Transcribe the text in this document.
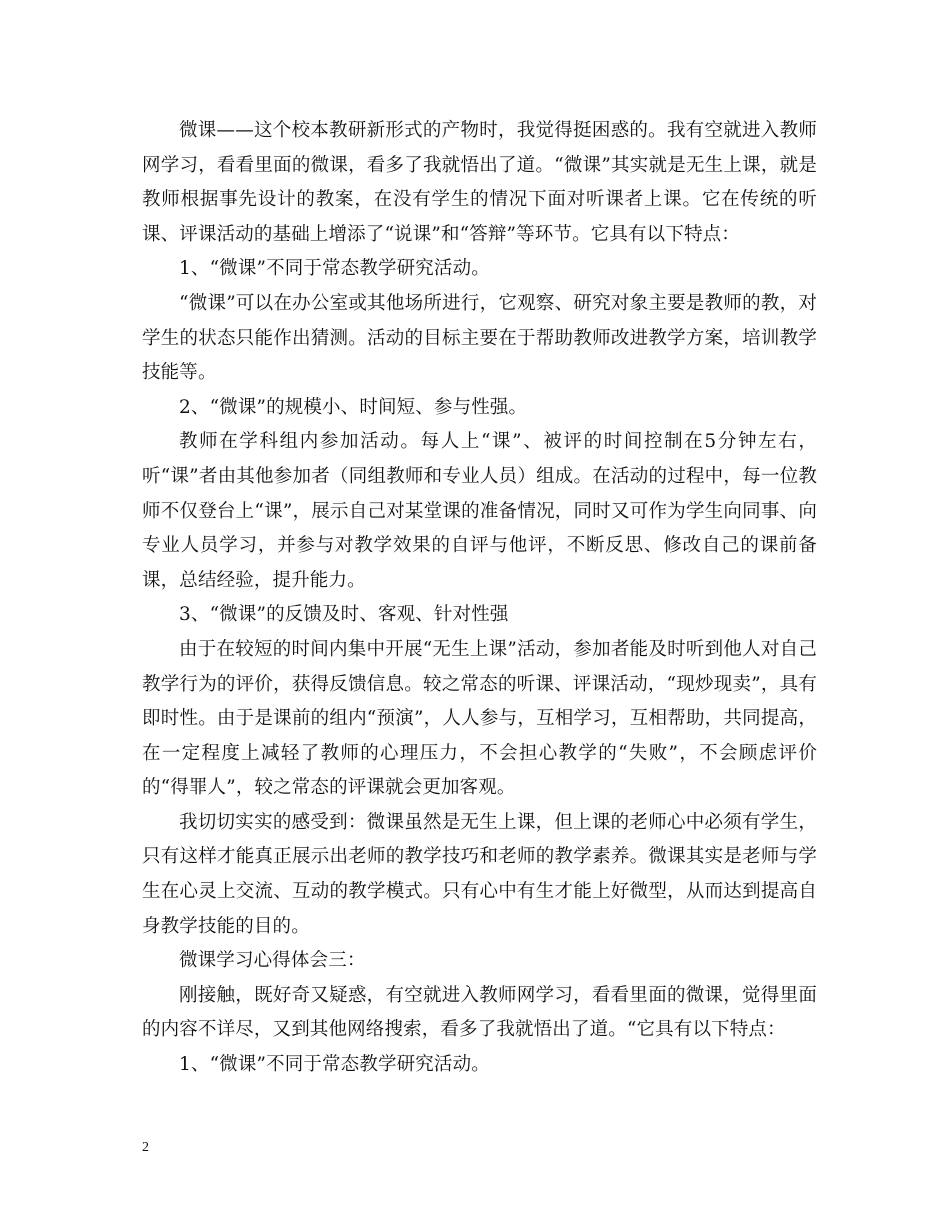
微课——这个校本教研新形式的产物时，我觉得挺困惑的。我有空就进入教师网学习，看看里面的微课，看多了我就悟出了道。“微课”其实就是无生上课，就是教师根据事先设计的教案，在没有学生的情况下面对听课者上课。它在传统的听课、评课活动的基础上增添了“说课”和“答辩”等环节。它具有以下特点：

1、“微课”不同于常态教学研究活动。

“微课”可以在办公室或其他场所进行，它观察、研究对象主要是教师的教，对学生的状态只能作出猜测。活动的目标主要在于帮助教师改进教学方案，培训教学技能等。

2、“微课”的规模小、时间短、参与性强。

教师在学科组内参加活动。每人上“课”、被评的时间控制在5分钟左右，听“课”者由其他参加者（同组教师和专业人员）组成。在活动的过程中，每一位教师不仅登台上“课”，展示自己对某堂课的准备情况，同时又可作为学生向同事、向专业人员学习，并参与对教学效果的自评与他评，不断反思、修改自己的课前备课，总结经验，提升能力。

3、“微课”的反馈及时、客观、针对性强

由于在较短的时间内集中开展“无生上课”活动，参加者能及时听到他人对自己教学行为的评价，获得反馈信息。较之常态的听课、评课活动，“现炒现卖”，具有即时性。由于是课前的组内“预演”，人人参与，互相学习，互相帮助，共同提高，在一定程度上减轻了教师的心理压力，不会担心教学的“失败”，不会顾虑评价的“得罪人”，较之常态的评课就会更加客观。

我切切实实的感受到：微课虽然是无生上课，但上课的老师心中必须有学生，只有这样才能真正展示出老师的教学技巧和老师的教学素养。微课其实是老师与学生在心灵上交流、互动的教学模式。只有心中有生才能上好微型，从而达到提高自身教学技能的目的。

微课学习心得体会三：

刚接触，既好奇又疑惑，有空就进入教师网学习，看看里面的微课，觉得里面的内容不详尽，又到其他网络搜索，看多了我就悟出了道。“它具有以下特点：

1、“微课”不同于常态教学研究活动。

2
